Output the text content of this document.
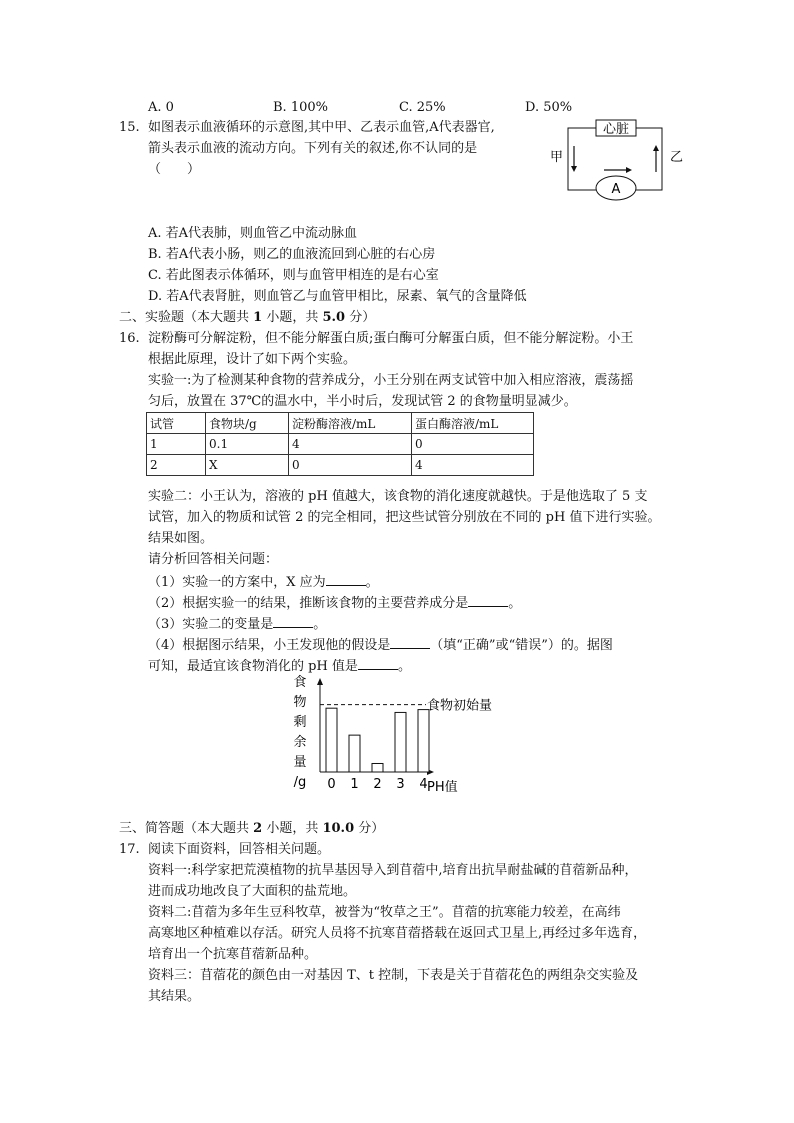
A. 0	B. 100%	C. 25%	D. 50%
15. 如图表示血液循环的示意图,其中甲、乙表示血管,A代表器官,
箭头表示血液的流动方向。下列有关的叙述,你不认同的是
（　　）
心脏
甲	乙
A
A. 若A代表肺，则血管乙中流动脉血
B. 若A代表小肠，则乙的血液流回到心脏的右心房
C. 若此图表示体循环，则与血管甲相连的是右心室
D. 若A代表肾脏，则血管乙与血管甲相比，尿素、氧气的含量降低
二、实验题（本大题共 1 小题，共 5.0 分）
16. 淀粉酶可分解淀粉，但不能分解蛋白质;蛋白酶可分解蛋白质，但不能分解淀粉。小王
根据此原理，设计了如下两个实验。
实验一:为了检测某种食物的营养成分，小王分别在两支试管中加入相应溶液，震荡摇
匀后，放置在 37℃的温水中，半小时后，发现试管 2 的食物量明显减少。
试管	食物块/g	淀粉酶溶液/mL	蛋白酶溶液/mL
1	0.1	4	0
2	X	0	4
实验二：小王认为，溶液的 pH 值越大，该食物的消化速度就越快。于是他选取了 5 支
试管，加入的物质和试管 2 的完全相同，把这些试管分别放在不同的 pH 值下进行实验。
结果如图。
请分析回答相关问题：
（1）实验一的方案中，X 应为	。
（2）根据实验一的结果，推断该食物的主要营养成分是	。
（3）实验二的变量是	。
（4）根据图示结果，小王发现他的假设是	（填“正确”或“错误”）的。据图
可知，最适宜该食物消化的 pH 值是	。
食
物
剩
余
量
/g 0 1 2 3 4 PH值
食物初始量
三、简答题（本大题共 2 小题，共 10.0 分）
17. 阅读下面资料，回答相关问题。
资料一:科学家把荒漠植物的抗旱基因导入到苜蓿中,培育出抗旱耐盐碱的苜蓿新品种，
进而成功地改良了大面积的盐荒地。
资料二:苜蓿为多年生豆科牧草，被誉为“牧草之王”。苜蓿的抗寒能力较差，在高纬
高寒地区种植难以存活。研究人员将不抗寒苜蓿搭载在返回式卫星上,再经过多年选育，
培育出一个抗寒苜蓿新品种。
资料三：苜蓿花的颜色由一对基因 T、t 控制，下表是关于苜蓿花色的两组杂交实验及
其结果。
